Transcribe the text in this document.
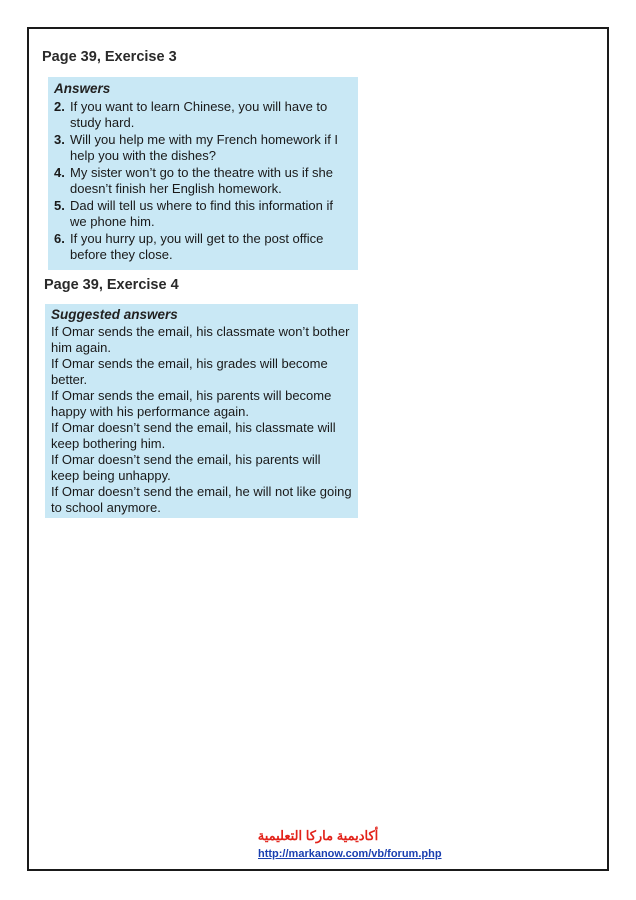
Page 39, Exercise 3
Answers
2. If you want to learn Chinese, you will have to study hard.
3. Will you help me with my French homework if I help you with the dishes?
4. My sister won’t go to the theatre with us if she doesn’t finish her English homework.
5. Dad will tell us where to find this information if we phone him.
6. If you hurry up, you will get to the post office before they close.
Page 39, Exercise 4
Suggested answers
If Omar sends the email, his classmate won’t bother him again.
If Omar sends the email, his grades will become better.
If Omar sends the email, his parents will become happy with his performance again.
If Omar doesn’t send the email, his classmate will keep bothering him.
If Omar doesn’t send the email, his parents will keep being unhappy.
If Omar doesn’t send the email, he will not like going to school anymore.
أكاديمية ماركا التعليمية
http://markanow.com/vb/forum.php
